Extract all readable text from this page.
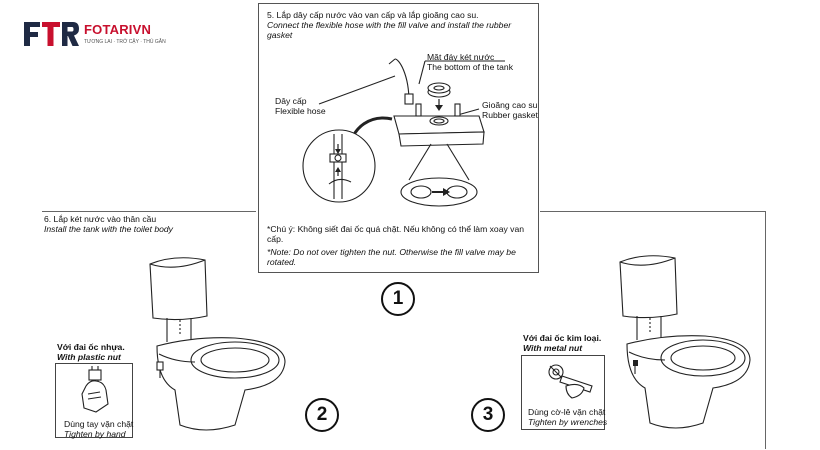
FOTARIVN
TƯƠNG LAI · TRỞ CẬY · THÚ GẮN
5. Lắp dây cấp nước vào van cấp và lắp gioăng cao su.
Connect the flexible hose with the fill valve and install the rubber
gasket
Mặt đáy két nước
The bottom of the tank
Dây cấp
Flexible hose
Gioăng cao su
Rubber gasket
*Chú ý: Không siết đai ốc quá chặt. Nếu không có thể làm xoay van
cấp.
*Note: Do not over tighten the nut. Otherwise the fill valve may be
rotated.
1
6. Lắp két nước vào thân cầu
Install the tank with the toilet body
Với đai ốc nhựa.
With plastic nut
Dùng tay vặn chặt
Tighten by hand
2
Với đai ốc kim loại.
With metal nut
Dùng cờ-lê vặn chặt
Tighten by wrenches
3
